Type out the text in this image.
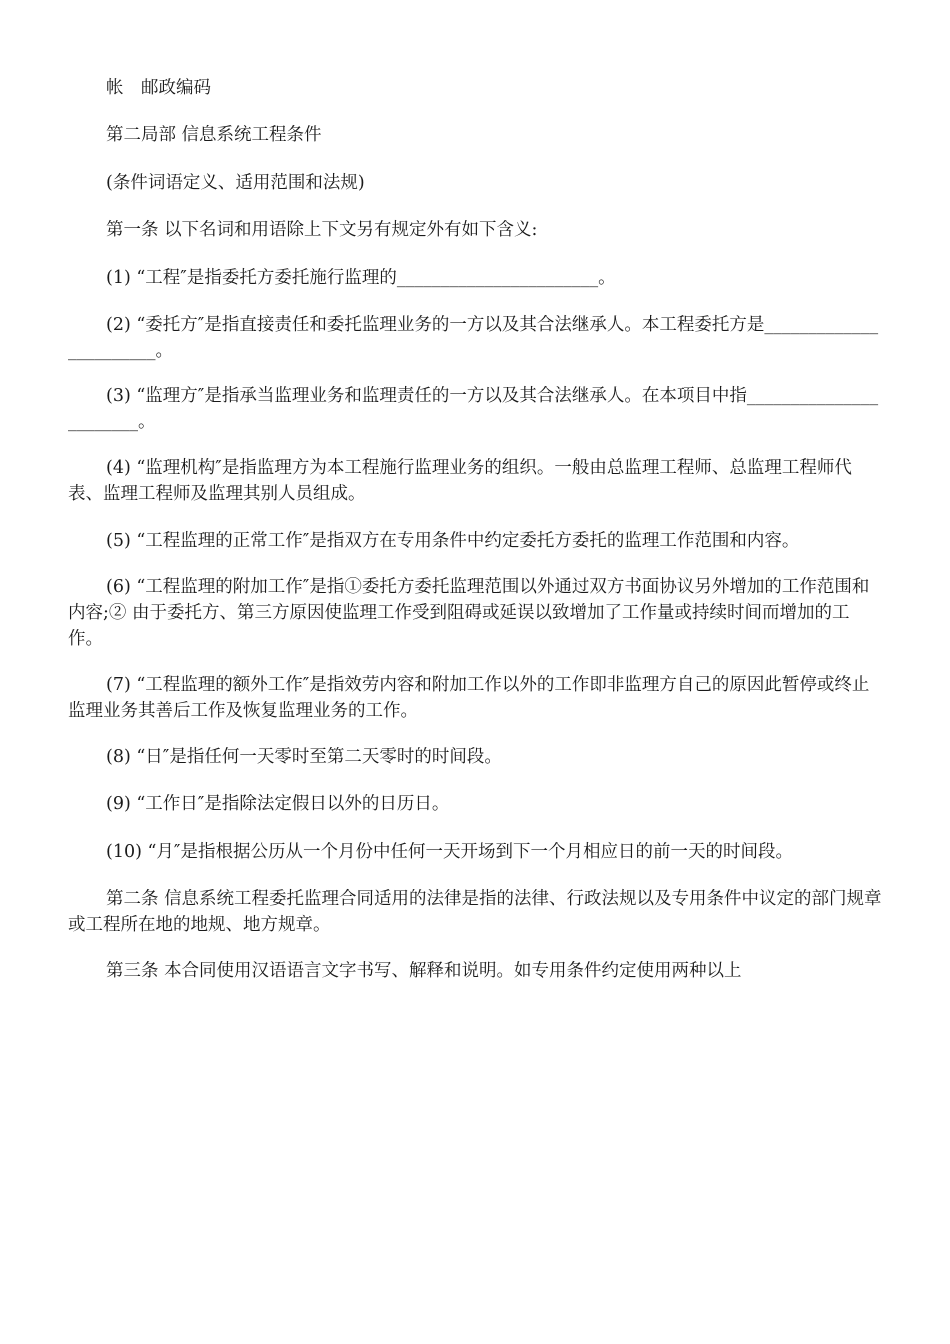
帐　邮政编码

第二局部 信息系统工程条件

(条件词语定义、适用范围和法规)

第一条 以下名词和用语除上下文另有规定外有如下含义:

(1) “工程″是指委托方委托施行监理的_______________________。

(2) “委托方″是指直接责任和委托监理业务的一方以及其合法继承人。本工程委托方是_______________________。

(3) “监理方″是指承当监理业务和监理责任的一方以及其合法继承人。在本项目中指_______________________。

(4) “监理机构″是指监理方为本工程施行监理业务的组织。一般由总监理工程师、总监理工程师代表、监理工程师及监理其别人员组成。

(5) “工程监理的正常工作″是指双方在专用条件中约定委托方委托的监理工作范围和内容。

(6) “工程监理的附加工作″是指①委托方委托监理范围以外通过双方书面协议另外增加的工作范围和内容;② 由于委托方、第三方原因使监理工作受到阻碍或延误以致增加了工作量或持续时间而增加的工作。

(7) “工程监理的额外工作″是指效劳内容和附加工作以外的工作即非监理方自己的原因此暂停或终止监理业务其善后工作及恢复监理业务的工作。

(8) “日″是指任何一天零时至第二天零时的时间段。

(9) “工作日″是指除法定假日以外的日历日。

(10) “月″是指根据公历从一个月份中任何一天开场到下一个月相应日的前一天的时间段。

第二条 信息系统工程委托监理合同适用的法律是指的法律、行政法规以及专用条件中议定的部门规章或工程所在地的地规、地方规章。

第三条 本合同使用汉语语言文字书写、解释和说明。如专用条件约定使用两种以上
